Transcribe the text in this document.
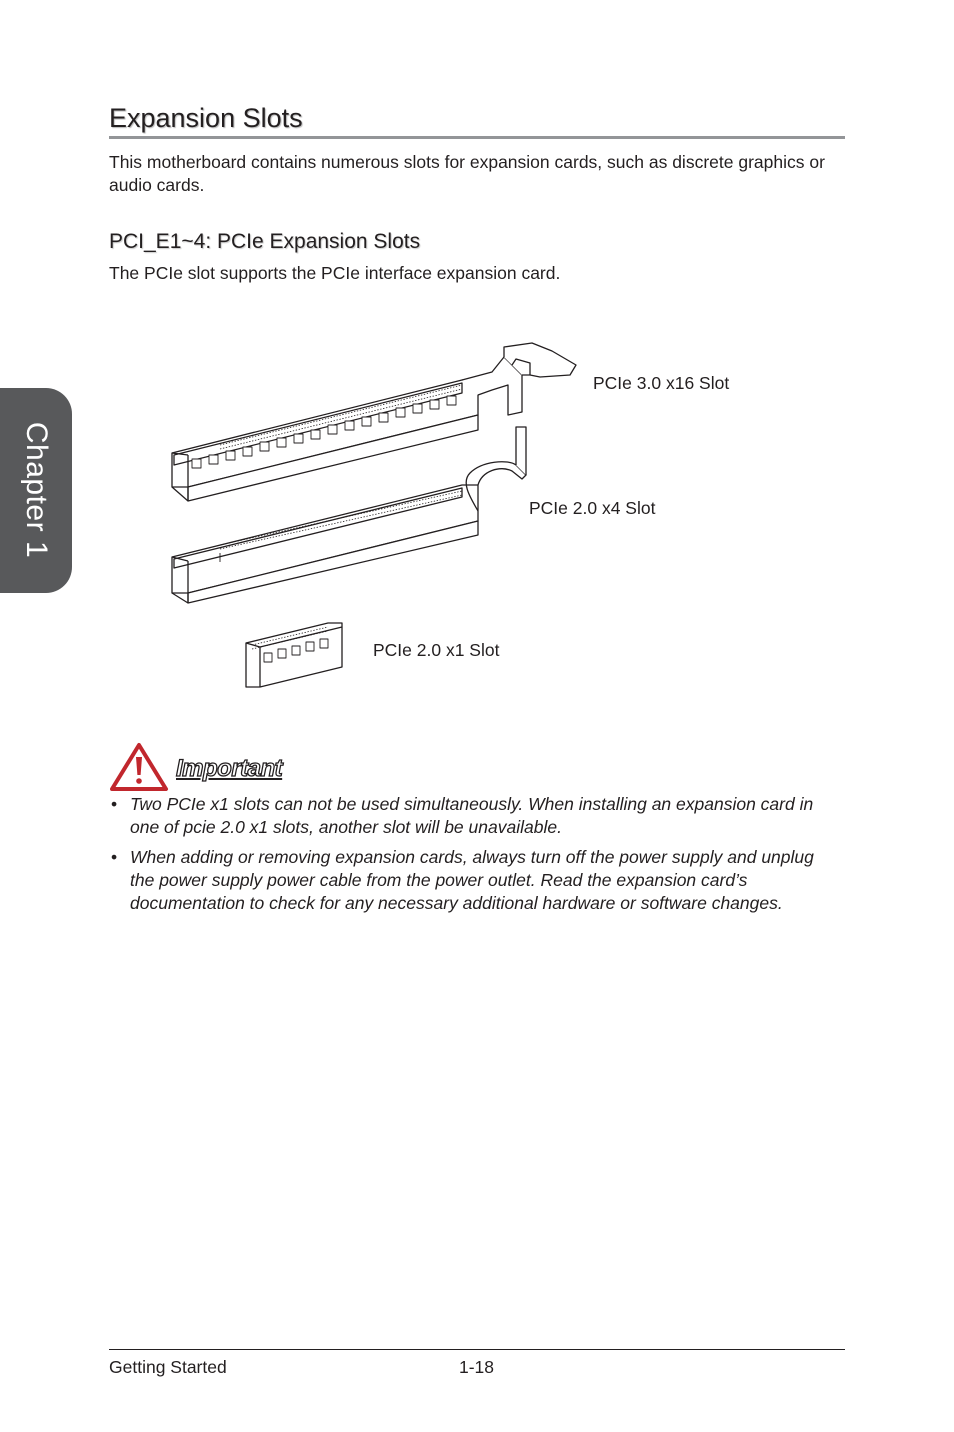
Chapter 1
Expansion Slots

This motherboard contains numerous slots for expansion cards, such as discrete graphics or audio cards.

PCI_E1~4: PCIe Expansion Slots

The PCIe slot supports the PCIe interface expansion card.

PCIe 3.0 x16 Slot
PCIe 2.0 x4 Slot
PCIe 2.0 x1 Slot
Important
• Two PCIe x1 slots can not be used simultaneously. When installing an expansion card in one of pcie 2.0 x1 slots, another slot will be unavailable.
• When adding or removing expansion cards, always turn off the power supply and unplug the power supply power cable from the power outlet. Read the expansion card’s documentation to check for any necessary additional hardware or software changes.
Getting Started	1-18
